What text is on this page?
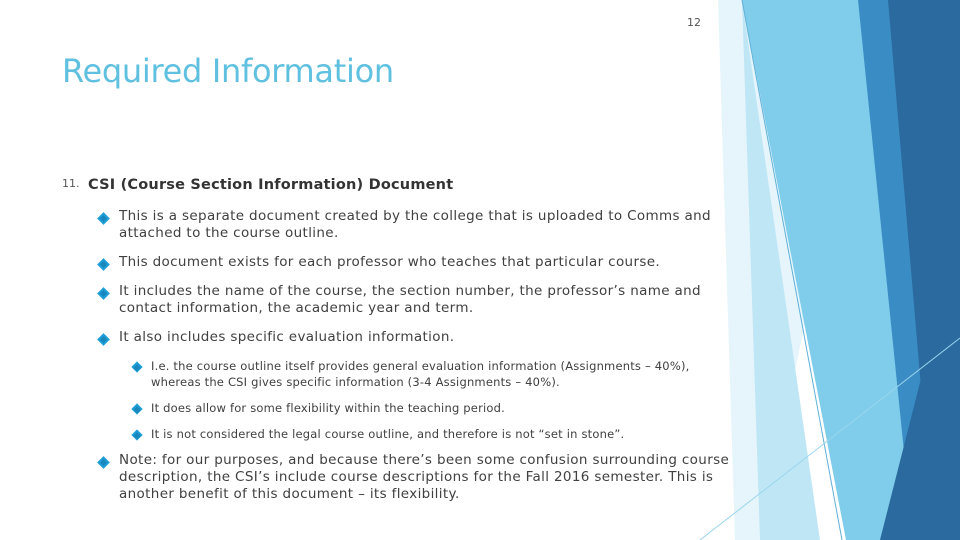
12
Required Information
11. CSI (Course Section Information) Document
This is a separate document created by the college that is uploaded to Comms and attached to the course outline.
This document exists for each professor who teaches that particular course.
It includes the name of the course, the section number, the professor’s name and contact information, the academic year and term.
It also includes specific evaluation information.
I.e. the course outline itself provides general evaluation information (Assignments – 40%), whereas the CSI gives specific information (3-4 Assignments – 40%).
It does allow for some flexibility within the teaching period.
It is not considered the legal course outline, and therefore is not “set in stone”.
Note: for our purposes, and because there’s been some confusion surrounding course description, the CSI’s include course descriptions for the Fall 2016 semester. This is another benefit of this document – its flexibility.
